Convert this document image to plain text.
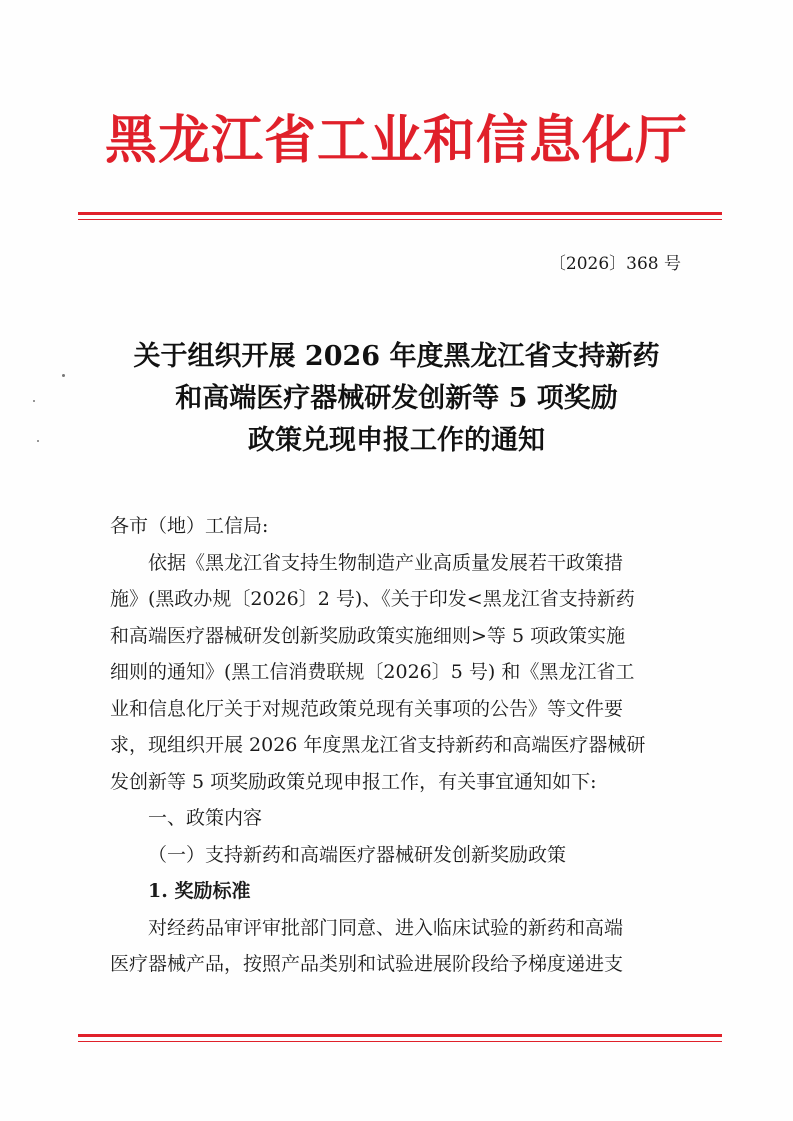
黑龙江省工业和信息化厅
〔2026〕368 号
关于组织开展 2026 年度黑龙江省支持新药
和高端医疗器械研发创新等 5 项奖励
政策兑现申报工作的通知
各市（地）工信局:
依据《黑龙江省支持生物制造产业高质量发展若干政策措
施》(黑政办规〔2026〕2 号)、《关于印发<黑龙江省支持新药
和高端医疗器械研发创新奖励政策实施细则>等 5 项政策实施
细则的通知》(黑工信消费联规〔2026〕5 号) 和《黑龙江省工
业和信息化厅关于对规范政策兑现有关事项的公告》等文件要
求，现组织开展 2026 年度黑龙江省支持新药和高端医疗器械研
发创新等 5 项奖励政策兑现申报工作，有关事宜通知如下:
一、政策内容
（一）支持新药和高端医疗器械研发创新奖励政策
1. 奖励标准
对经药品审评审批部门同意、进入临床试验的新药和高端
医疗器械产品，按照产品类别和试验进展阶段给予梯度递进支
